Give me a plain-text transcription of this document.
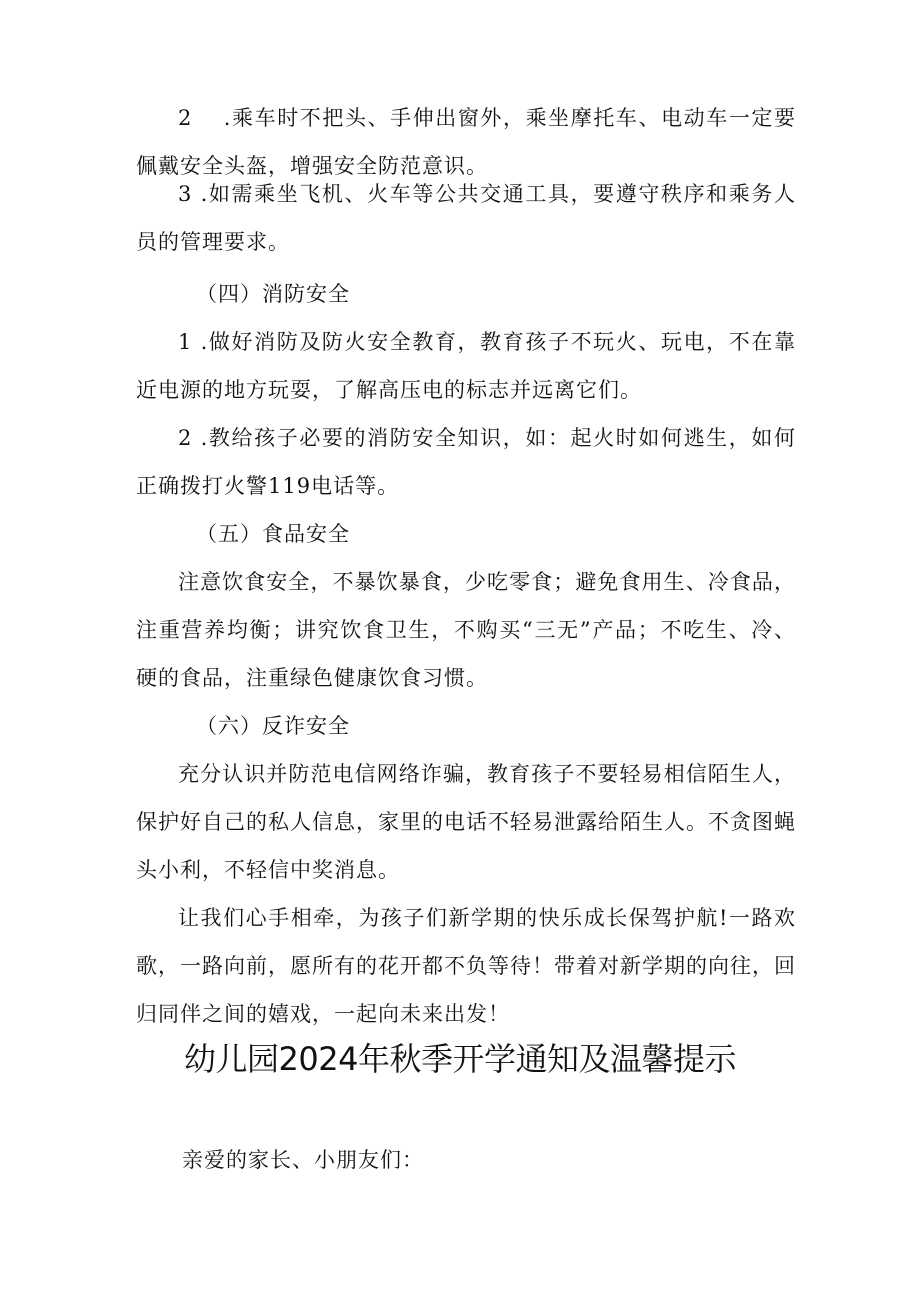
2　 .乘车时不把头、手伸出窗外，乘坐摩托车、电动车一定要佩戴安全头盔，增强安全防范意识。

3 .如需乘坐飞机、火车等公共交通工具，要遵守秩序和乘务人员的管理要求。

（四）消防安全

1 .做好消防及防火安全教育，教育孩子不玩火、玩电，不在靠近电源的地方玩耍，了解高压电的标志并远离它们。

2 .教给孩子必要的消防安全知识，如：起火时如何逃生，如何正确拨打火警119电话等。

（五）食品安全

注意饮食安全，不暴饮暴食，少吃零食；避免食用生、冷食品，注重营养均衡；讲究饮食卫生，不购买“三无”产品；不吃生、冷、硬的食品，注重绿色健康饮食习惯。

（六）反诈安全

充分认识并防范电信网络诈骗，教育孩子不要轻易相信陌生人，保护好自己的私人信息，家里的电话不轻易泄露给陌生人。不贪图蝇头小利，不轻信中奖消息。

让我们心手相牵，为孩子们新学期的快乐成长保驾护航!一路欢歌，一路向前，愿所有的花开都不负等待！带着对新学期的向往，回归同伴之间的嬉戏，一起向未来出发！

幼儿园2024年秋季开学通知及温馨提示

亲爱的家长、小朋友们：
